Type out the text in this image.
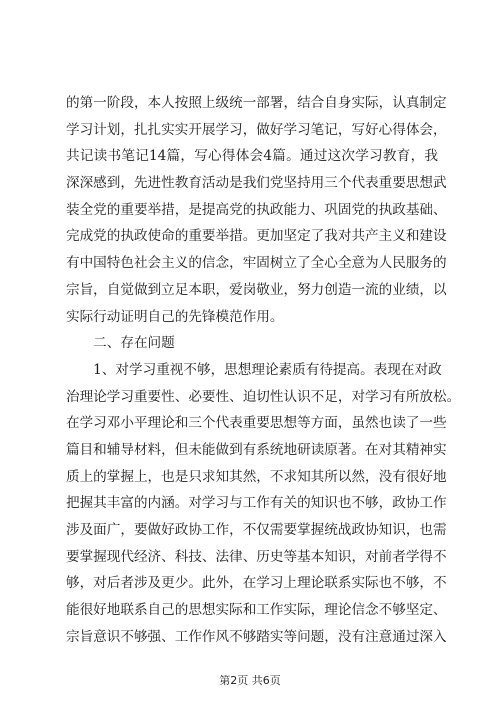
的第一阶段，本人按照上级统一部署，结合自身实际，认真制定
学习计划，扎扎实实开展学习，做好学习笔记，写好心得体会，
共记读书笔记14篇，写心得体会4篇。通过这次学习教育，我
深深感到，先进性教育活动是我们党坚持用三个代表重要思想武
装全党的重要举措，是提高党的执政能力、巩固党的执政基础、
完成党的执政使命的重要举措。更加坚定了我对共产主义和建设
有中国特色社会主义的信念，牢固树立了全心全意为人民服务的
宗旨，自觉做到立足本职，爱岗敬业，努力创造一流的业绩，以
实际行动证明自己的先锋模范作用。
　　二、存在问题
　　1、对学习重视不够，思想理论素质有待提高。表现在对政
治理论学习重要性、必要性、迫切性认识不足，对学习有所放松。
在学习邓小平理论和三个代表重要思想等方面，虽然也读了一些
篇目和辅导材料，但未能做到有系统地研读原著。在对其精神实
质上的掌握上，也是只求知其然，不求知其所以然，没有很好地
把握其丰富的内涵。对学习与工作有关的知识也不够，政协工作
涉及面广，要做好政协工作，不仅需要掌握统战政协知识，也需
要掌握现代经济、科技、法律、历史等基本知识，对前者学得不
够，对后者涉及更少。此外，在学习上理论联系实际也不够，不
能很好地联系自己的思想实际和工作实际，理论信念不够坚定、
宗旨意识不够强、工作作风不够踏实等问题，没有注意通过深入
第2页 共6页
